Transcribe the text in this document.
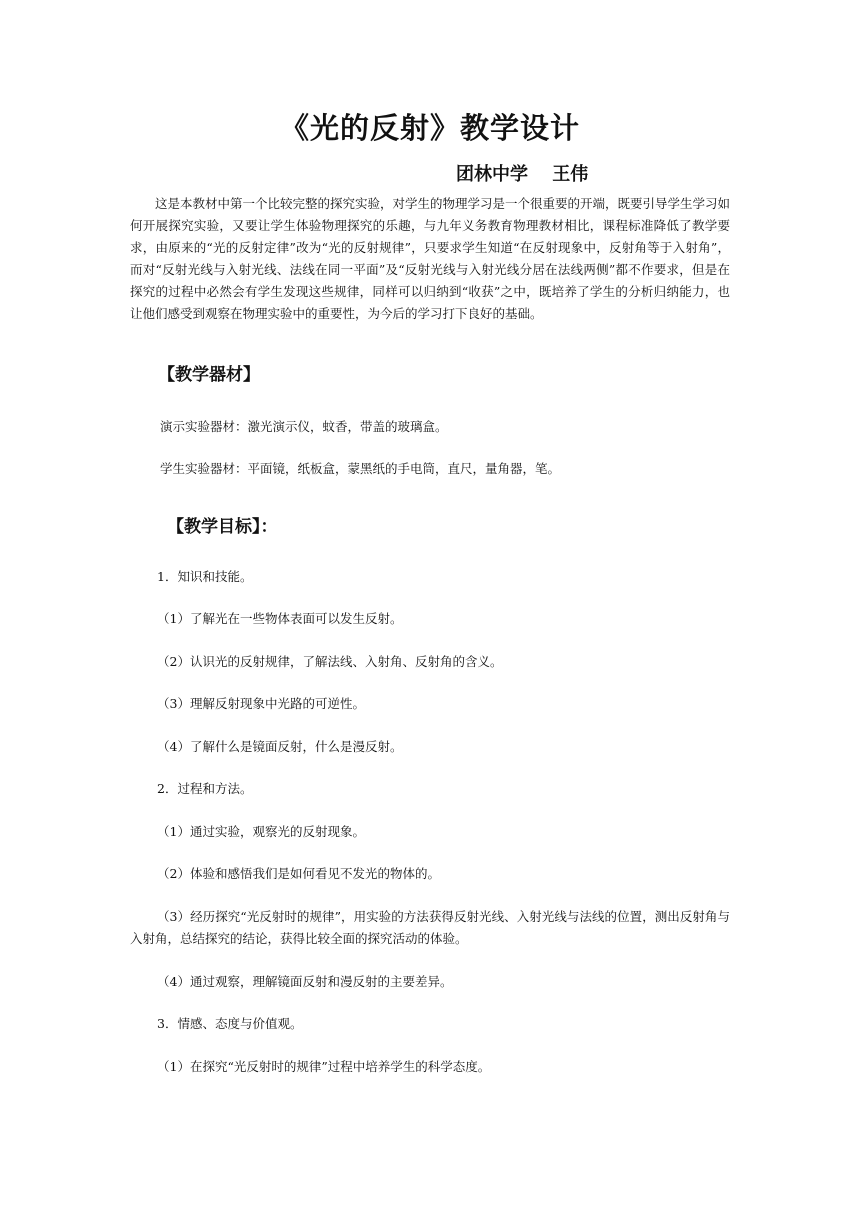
《光的反射》教学设计

团林中学　 王伟

这是本教材中第一个比较完整的探究实验，对学生的物理学习是一个很重要的开端，既要引导学生学习如何开展探究实验，又要让学生体验物理探究的乐趣，与九年义务教育物理教材相比，课程标准降低了教学要求，由原来的“光的反射定律”改为“光的反射规律”，只要求学生知道“在反射现象中，反射角等于入射角”，而对“反射光线与入射光线、法线在同一平面”及“反射光线与入射光线分居在法线两侧”都不作要求，但是在探究的过程中必然会有学生发现这些规律，同样可以归纳到“收获”之中，既培养了学生的分析归纳能力，也让他们感受到观察在物理实验中的重要性，为今后的学习打下良好的基础。

【教学器材】

演示实验器材：激光演示仪，蚊香，带盖的玻璃盒。

学生实验器材：平面镜，纸板盒，蒙黑纸的手电筒，直尺，量角器，笔。

【教学目标】：

1．知识和技能。

（1）了解光在一些物体表面可以发生反射。

（2）认识光的反射规律，了解法线、入射角、反射角的含义。

（3）理解反射现象中光路的可逆性。

（4）了解什么是镜面反射，什么是漫反射。

2．过程和方法。

（1）通过实验，观察光的反射现象。

（2）体验和感悟我们是如何看见不发光的物体的。

（3）经历探究“光反射时的规律”，用实验的方法获得反射光线、入射光线与法线的位置，测出反射角与入射角，总结探究的结论，获得比较全面的探究活动的体验。

（4）通过观察，理解镜面反射和漫反射的主要差异。

3．情感、态度与价值观。

（1）在探究“光反射时的规律”过程中培养学生的科学态度。
